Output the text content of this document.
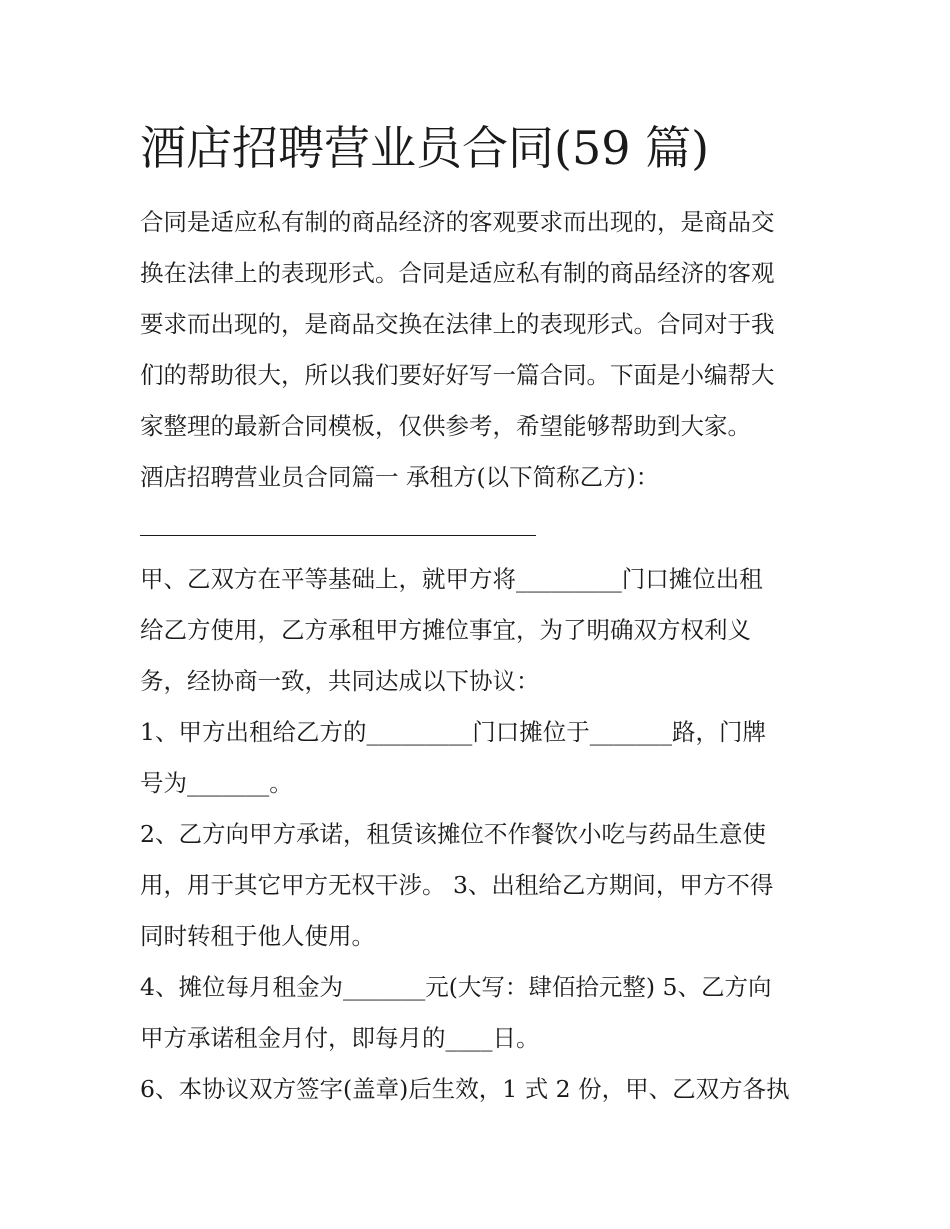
酒店招聘营业员合同(59 篇)
合同是适应私有制的商品经济的客观要求而出现的，是商品交
换在法律上的表现形式。合同是适应私有制的商品经济的客观
要求而出现的，是商品交换在法律上的表现形式。合同对于我
们的帮助很大，所以我们要好好写一篇合同。下面是小编帮大
家整理的最新合同模板，仅供参考，希望能够帮助到大家。
酒店招聘营业员合同篇一 承租方(以下简称乙方)：
甲、乙双方在平等基础上，就甲方将_________门口摊位出租
给乙方使用，乙方承租甲方摊位事宜，为了明确双方权利义
务，经协商一致，共同达成以下协议：
1、甲方出租给乙方的_________门口摊位于_______路，门牌
号为_______。
2、乙方向甲方承诺，租赁该摊位不作餐饮小吃与药品生意使
用，用于其它甲方无权干涉。 3、出租给乙方期间，甲方不得
同时转租于他人使用。
4、摊位每月租金为_______元(大写：肆佰拾元整) 5、乙方向
甲方承诺租金月付，即每月的____日。
6、本协议双方签字(盖章)后生效，1 式 2 份，甲、乙双方各执
